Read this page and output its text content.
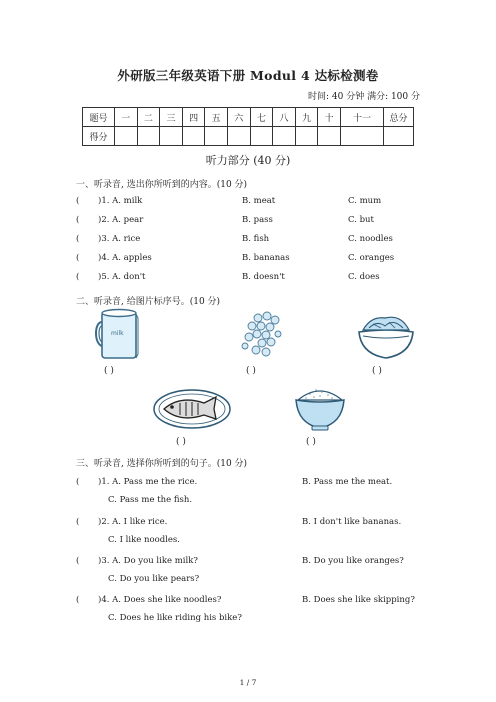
外研版三年级英语下册 Modul 4 达标检测卷
时间: 40 分钟 满分: 100 分
题号	一	二	三	四	五	六	七	八	九	十	十一	总分
得分												
听力部分 (40 分)
一、听录音, 选出你所听到的内容。(10 分)
( )1. A. milk	B. meat	C. mum
( )2. A. pear	B. pass	C. but
( )3. A. rice	B. fish	C. noodles
( )4. A. apples	B. bananas	C. oranges
( )5. A. don't	B. doesn't	C. does
二、听录音, 给图片标序号。(10 分)
milk
( )	( )	( )
( )	( )
三、听录音, 选择你所听到的句子。(10 分)
( )1. A. Pass me the rice.	B. Pass me the meat.
C. Pass me the fish.
( )2. A. I like rice.	B. I don't like bananas.
C. I like noodles.
( )3. A. Do you like milk?	B. Do you like oranges?
C. Do you like pears?
( )4. A. Does she like noodles?	B. Does she like skipping?
C. Does he like riding his bike?
1 / 7
